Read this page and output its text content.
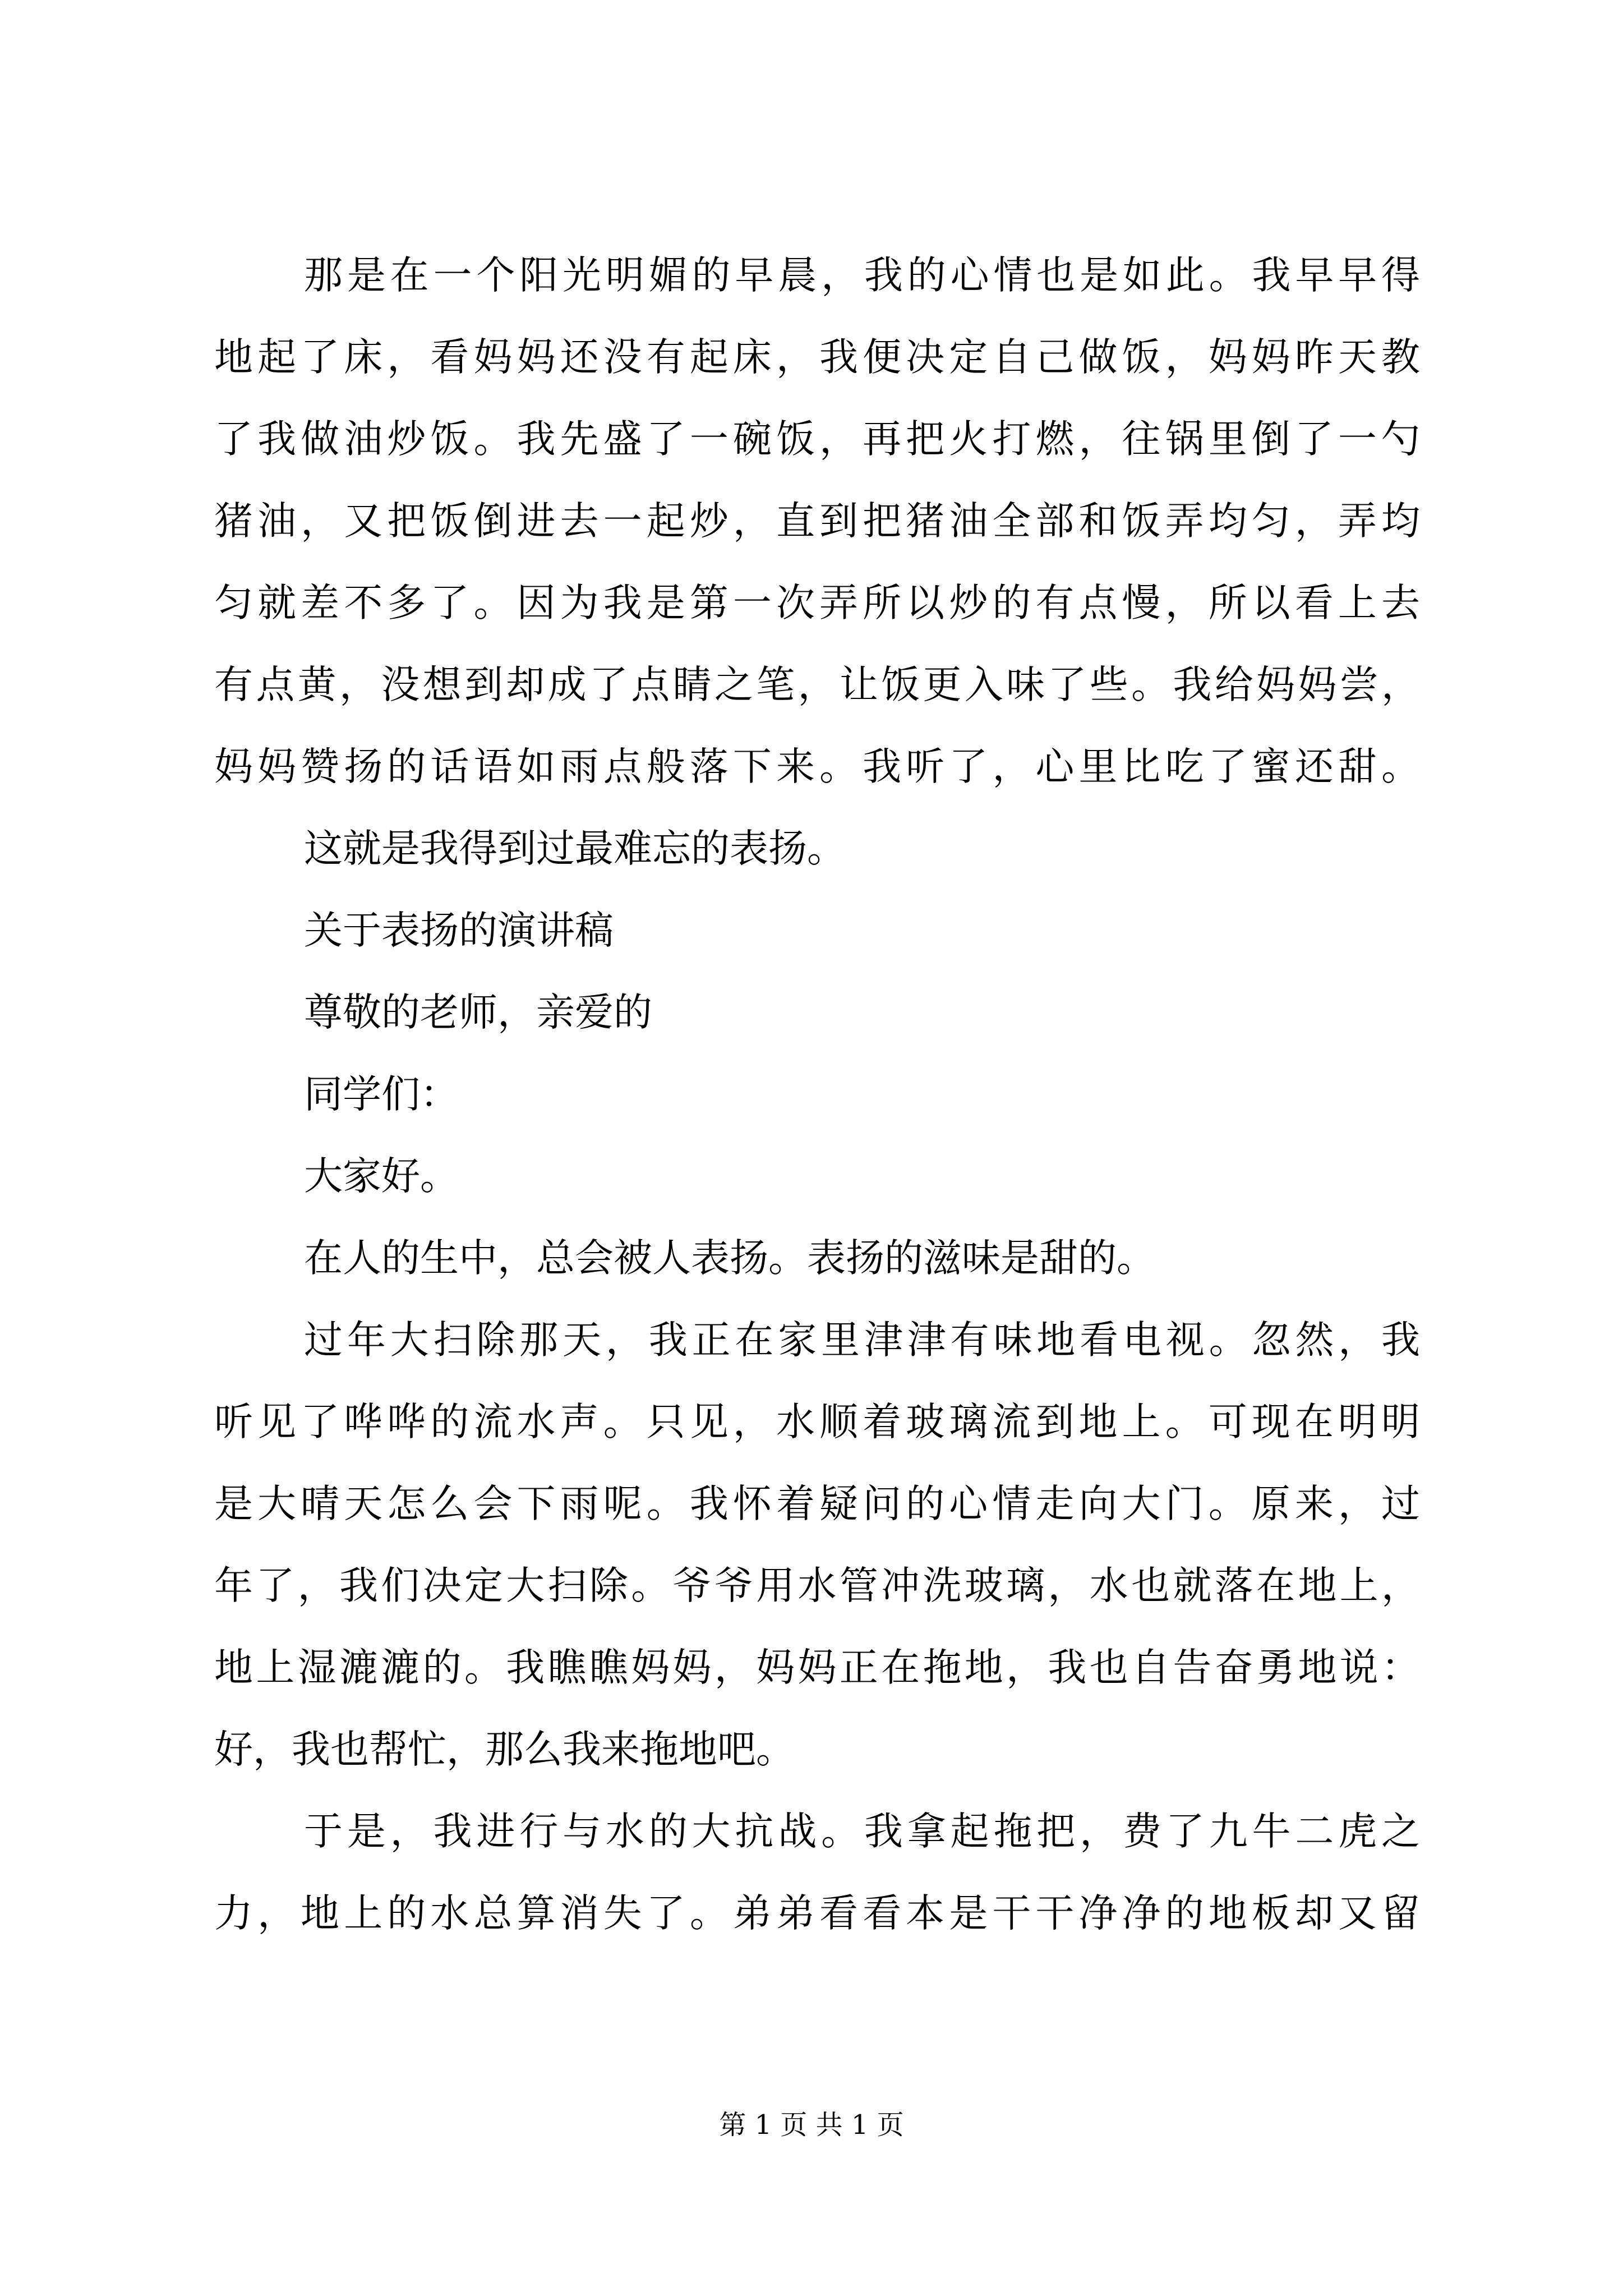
那是在一个阳光明媚的早晨，我的心情也是如此。我早早得
地起了床，看妈妈还没有起床，我便决定自己做饭，妈妈昨天教
了我做油炒饭。我先盛了一碗饭，再把火打燃，往锅里倒了一勺
猪油，又把饭倒进去一起炒，直到把猪油全部和饭弄均匀，弄均
匀就差不多了。因为我是第一次弄所以炒的有点慢，所以看上去
有点黄，没想到却成了点睛之笔，让饭更入味了些。我给妈妈尝，
妈妈赞扬的话语如雨点般落下来。我听了，心里比吃了蜜还甜。
这就是我得到过最难忘的表扬。
关于表扬的演讲稿
尊敬的老师，亲爱的
同学们：
大家好。
在人的生中，总会被人表扬。表扬的滋味是甜的。
过年大扫除那天，我正在家里津津有味地看电视。忽然，我
听见了哗哗的流水声。只见，水顺着玻璃流到地上。可现在明明
是大晴天怎么会下雨呢。我怀着疑问的心情走向大门。原来，过
年了，我们决定大扫除。爷爷用水管冲洗玻璃，水也就落在地上，
地上湿漉漉的。我瞧瞧妈妈，妈妈正在拖地，我也自告奋勇地说：
好，我也帮忙，那么我来拖地吧。
于是，我进行与水的大抗战。我拿起拖把，费了九牛二虎之
力，地上的水总算消失了。弟弟看看本是干干净净的地板却又留
第 1 页 共 1 页
